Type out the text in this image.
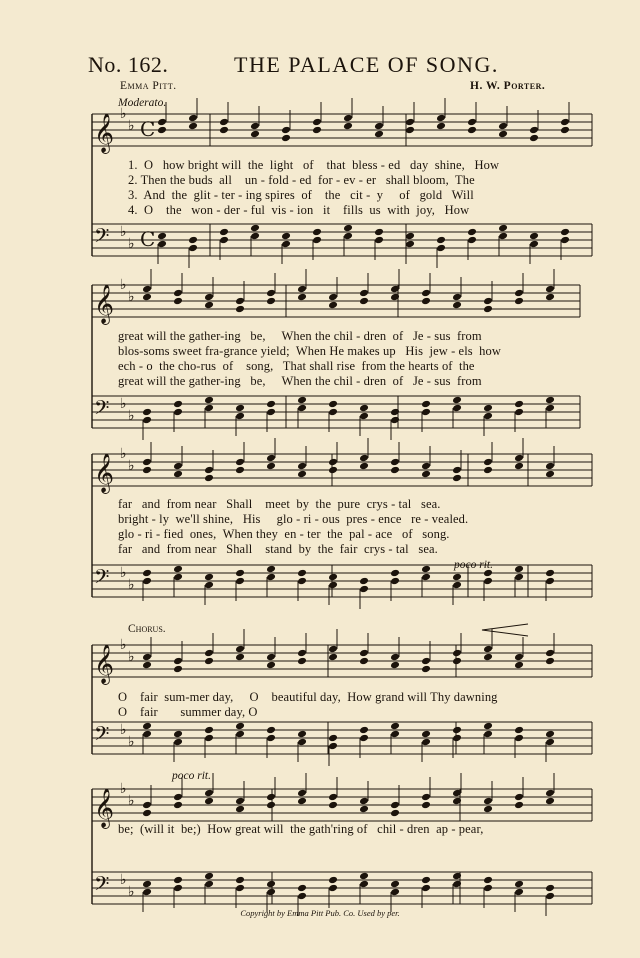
No. 162.	THE PALACE OF SONG.
Emma Pitt.	H. W. Porter.
Moderato.
poco rit.
Chorus.
poco rit.
1.  O   how bright will  the  light   of    that  bless - ed   day  shine,   How
2. Then the buds  all    un - fold - ed  for - ev - er   shall bloom,  The
3.  And  the  glit - ter - ing spires  of    the   cit -  y     of   gold   Will
4.  O    the   won - der - ful  vis - ion   it    fills  us  with  joy,   How
great will the gather-ing   be,     When the chil - dren  of   Je - sus  from
blos-soms sweet fra-grance yield;  When He makes up   His  jew - els  how
ech - o  the cho-rus  of    song,   That shall rise  from the hearts of  the
great will the gather-ing   be,     When the chil - dren  of   Je - sus  from
far   and  from near   Shall    meet  by  the  pure  crys - tal   sea.
bright - ly  we'll shine,   His     glo - ri - ous  pres - ence   re - vealed.
glo - ri - fied  ones,  When they  en - ter  the  pal - ace   of   song.
far   and  from near   Shall    stand  by  the  fair  crys - tal   sea.
O    fair  sum-mer day,     O    beautiful day,  How grand will Thy dawning
O    fair       summer day, O
be;  (will it  be;)  How great will  the gath'ring of   chil - dren  ap - pear,
Copyright by Emma Pitt Pub. Co. Used by per.
𝄞 ♭
♭
𝄢 ♭
♭
C
C
𝄞 ♭
♭
𝄢 ♭
♭
𝄞 ♭
♭
𝄢 ♭
♭
𝄞 ♭
♭
𝄢 ♭
♭
𝄞 ♭
♭
𝄢 ♭
♭
